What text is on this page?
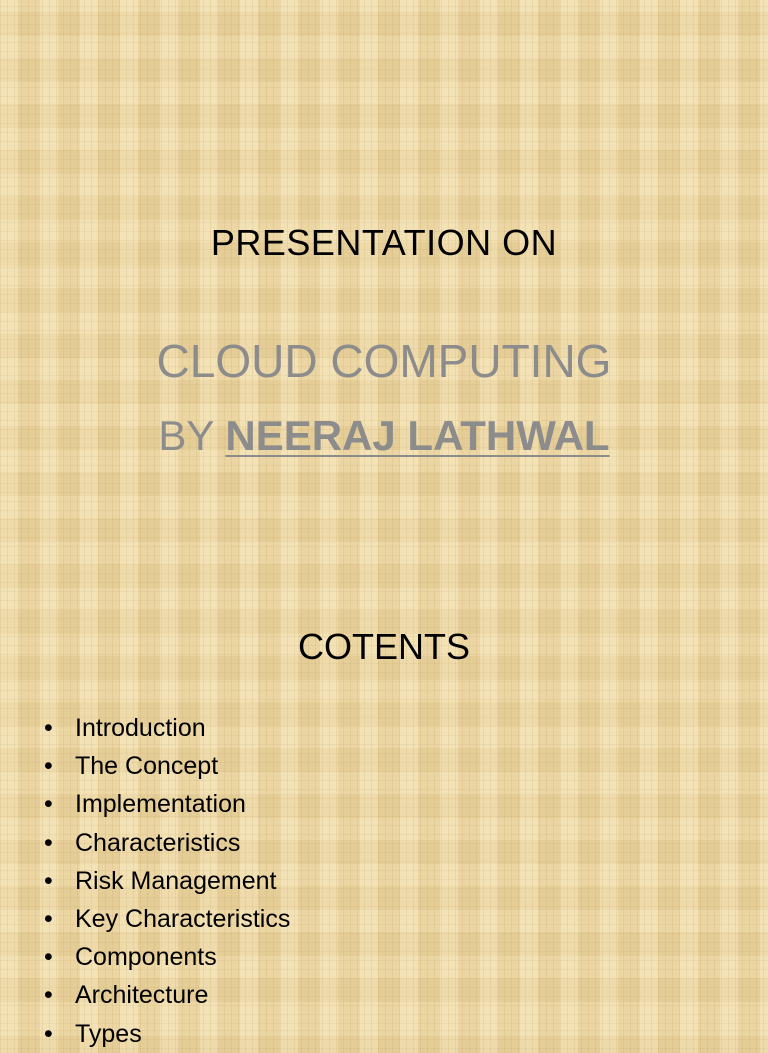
PRESENTATION ON
CLOUD COMPUTING
BY NEERAJ LATHWAL
COTENTS
• Introduction
• The Concept
• Implementation
• Characteristics
• Risk Management
• Key Characteristics
• Components
• Architecture
• Types
